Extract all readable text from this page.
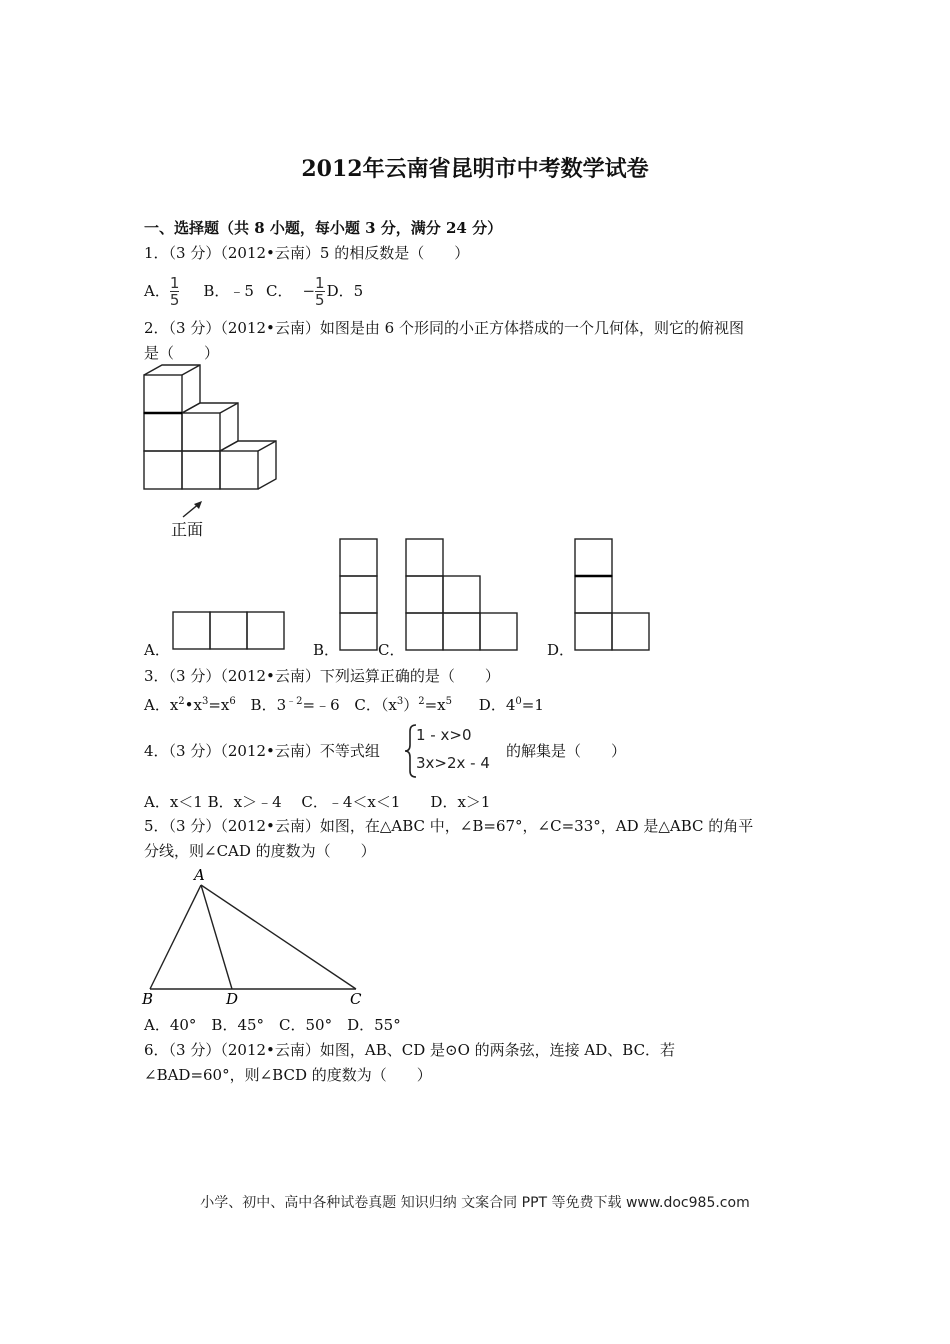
2012年云南省昆明市中考数学试卷
一、选择题（共 8 小题，每小题 3 分，满分 24 分）
1．（3 分）（2012•云南）5 的相反数是（　　）
A． $\frac{1}{5}$ B．﹣5 C． − $\frac{1}{5}$ D．5
2．（3 分）（2012•云南）如图是由 6 个形同的小正方体搭成的一个几何体，则它的俯视图
是（　　）
正面
A．	B．	C．	D．
3．（3 分）（2012•云南）下列运算正确的是（　　）
A．$x^2•x^3=x^6$ B．$3^{﹣2}=﹣6$ C．$(x^3)^2=x^5$ D．$4^0=1$
4．（3 分）（2012•云南）不等式组
1 - x>0
3x>2x - 4
的解集是（　　）
A．x＜1 B．x＞﹣4　 C．﹣4＜x＜1　　D．x＞1
5．（3 分）（2012•云南）如图，在△ABC 中，∠B=67°，∠C=33°，AD 是△ABC 的角平
分线，则∠CAD 的度数为（　　）
A
B	D	C
A．40°　B．45°　C．50°　D．55°
6．（3 分）（2012•云南）如图，AB、CD 是⊙O 的两条弦，连接 AD、BC．若
∠BAD=60°，则∠BCD 的度数为（　　）
小学、初中、高中各种试卷真题 知识归纳 文案合同 PPT 等免费下载 www.doc985.com
